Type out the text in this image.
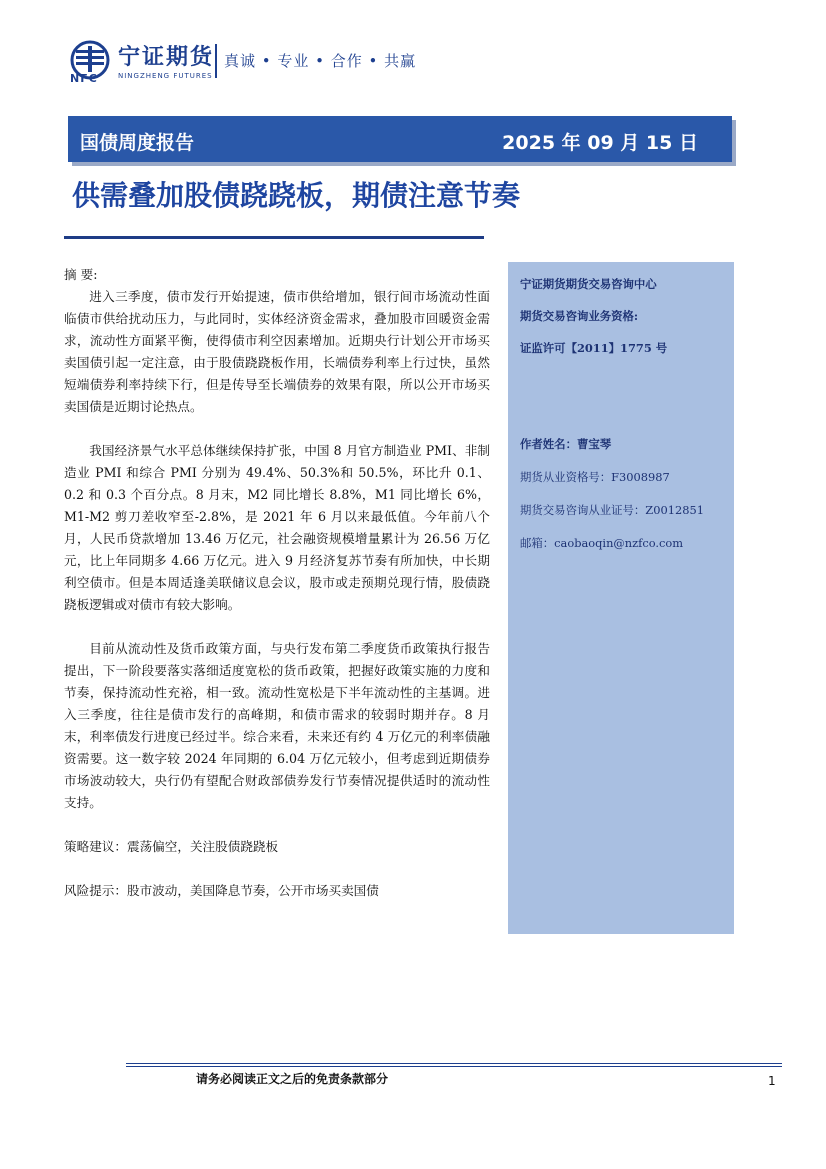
宁证期货
NFC	NINGZHENG FUTURES
真诚 • 专业 • 合作 • 共赢
国债周度报告	2025 年 09 月 15 日
供需叠加股债跷跷板，期债注意节奏

摘 要:

进入三季度，债市发行开始提速，债市供给增加，银行间市场流动性面临债市供给扰动压力，与此同时，实体经济资金需求，叠加股市回暖资金需求，流动性方面紧平衡，使得债市利空因素增加。近期央行计划公开市场买卖国债引起一定注意，由于股债跷跷板作用，长端债券利率上行过快，虽然短端债券利率持续下行，但是传导至长端债券的效果有限，所以公开市场买卖国债是近期讨论热点。

我国经济景气水平总体继续保持扩张，中国 8 月官方制造业 PMI、非制造业 PMI 和综合 PMI 分别为 49.4%、50.3%和 50.5%，环比升 0.1、0.2 和 0.3 个百分点。8 月末，M2 同比增长 8.8%，M1 同比增长 6%，M1-M2 剪刀差收窄至-2.8%，是 2021 年 6 月以来最低值。今年前八个月，人民币贷款增加 13.46 万亿元，社会融资规模增量累计为 26.56 万亿元，比上年同期多 4.66 万亿元。进入 9 月经济复苏节奏有所加快，中长期利空债市。但是本周适逢美联储议息会议，股市或走预期兑现行情，股债跷跷板逻辑或对债市有较大影响。

目前从流动性及货币政策方面，与央行发布第二季度货币政策执行报告提出，下一阶段要落实落细适度宽松的货币政策，把握好政策实施的力度和节奏，保持流动性充裕，相一致。流动性宽松是下半年流动性的主基调。进入三季度，往往是债市发行的高峰期，和债市需求的较弱时期并存。8 月末，利率债发行进度已经过半。综合来看，未来还有约 4 万亿元的利率债融资需要。这一数字较 2024 年同期的 6.04 万亿元较小，但考虑到近期债券市场波动较大，央行仍有望配合财政部债券发行节奏情况提供适时的流动性支持。

策略建议：震荡偏空，关注股债跷跷板

风险提示：股市波动，美国降息节奏，公开市场买卖国债

宁证期货期货交易咨询中心
期货交易咨询业务资格:
证监许可【2011】1775 号
作者姓名：曹宝琴
期货从业资格号：F3008987
期货交易咨询从业证号：Z0012851
邮箱：caobaoqin@nzfco.com
请务必阅读正文之后的免责条款部分	1
